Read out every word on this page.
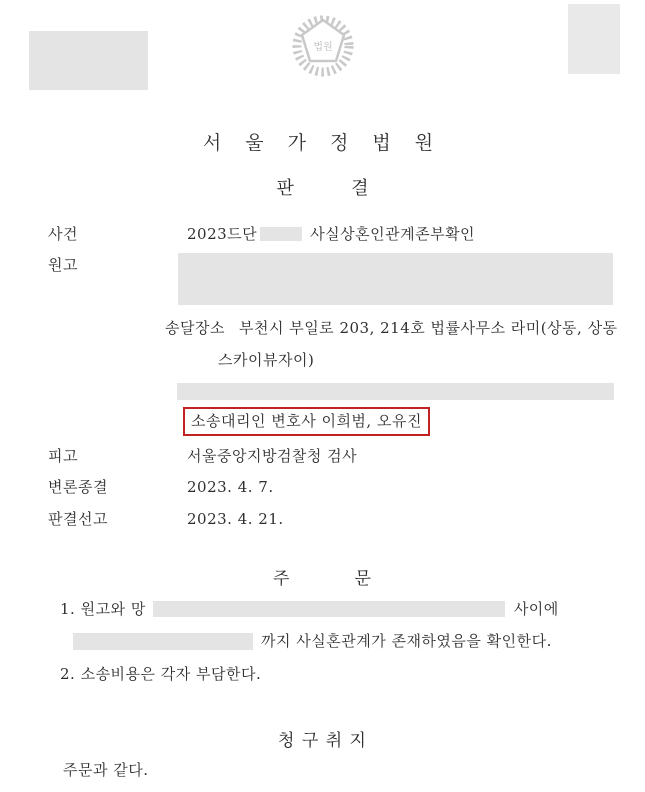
법원
서 울 가 정 법 원
판          결
사건	2023드단	사실상혼인관계존부확인
원고
송달장소 부천시 부일로 203, 214호 법률사무소 라미(상동, 상동
스카이뷰자이)
소송대리인 변호사 이희범, 오유진
피고	서울중앙지방검찰청 검사
변론종결	2023. 4. 7.
판결선고	2023. 4. 21.
주          문
1. 원고와 망	사이에
까지 사실혼관계가 존재하였음을 확인한다.
2. 소송비용은 각자 부담한다.
청 구 취 지
주문과 같다.
